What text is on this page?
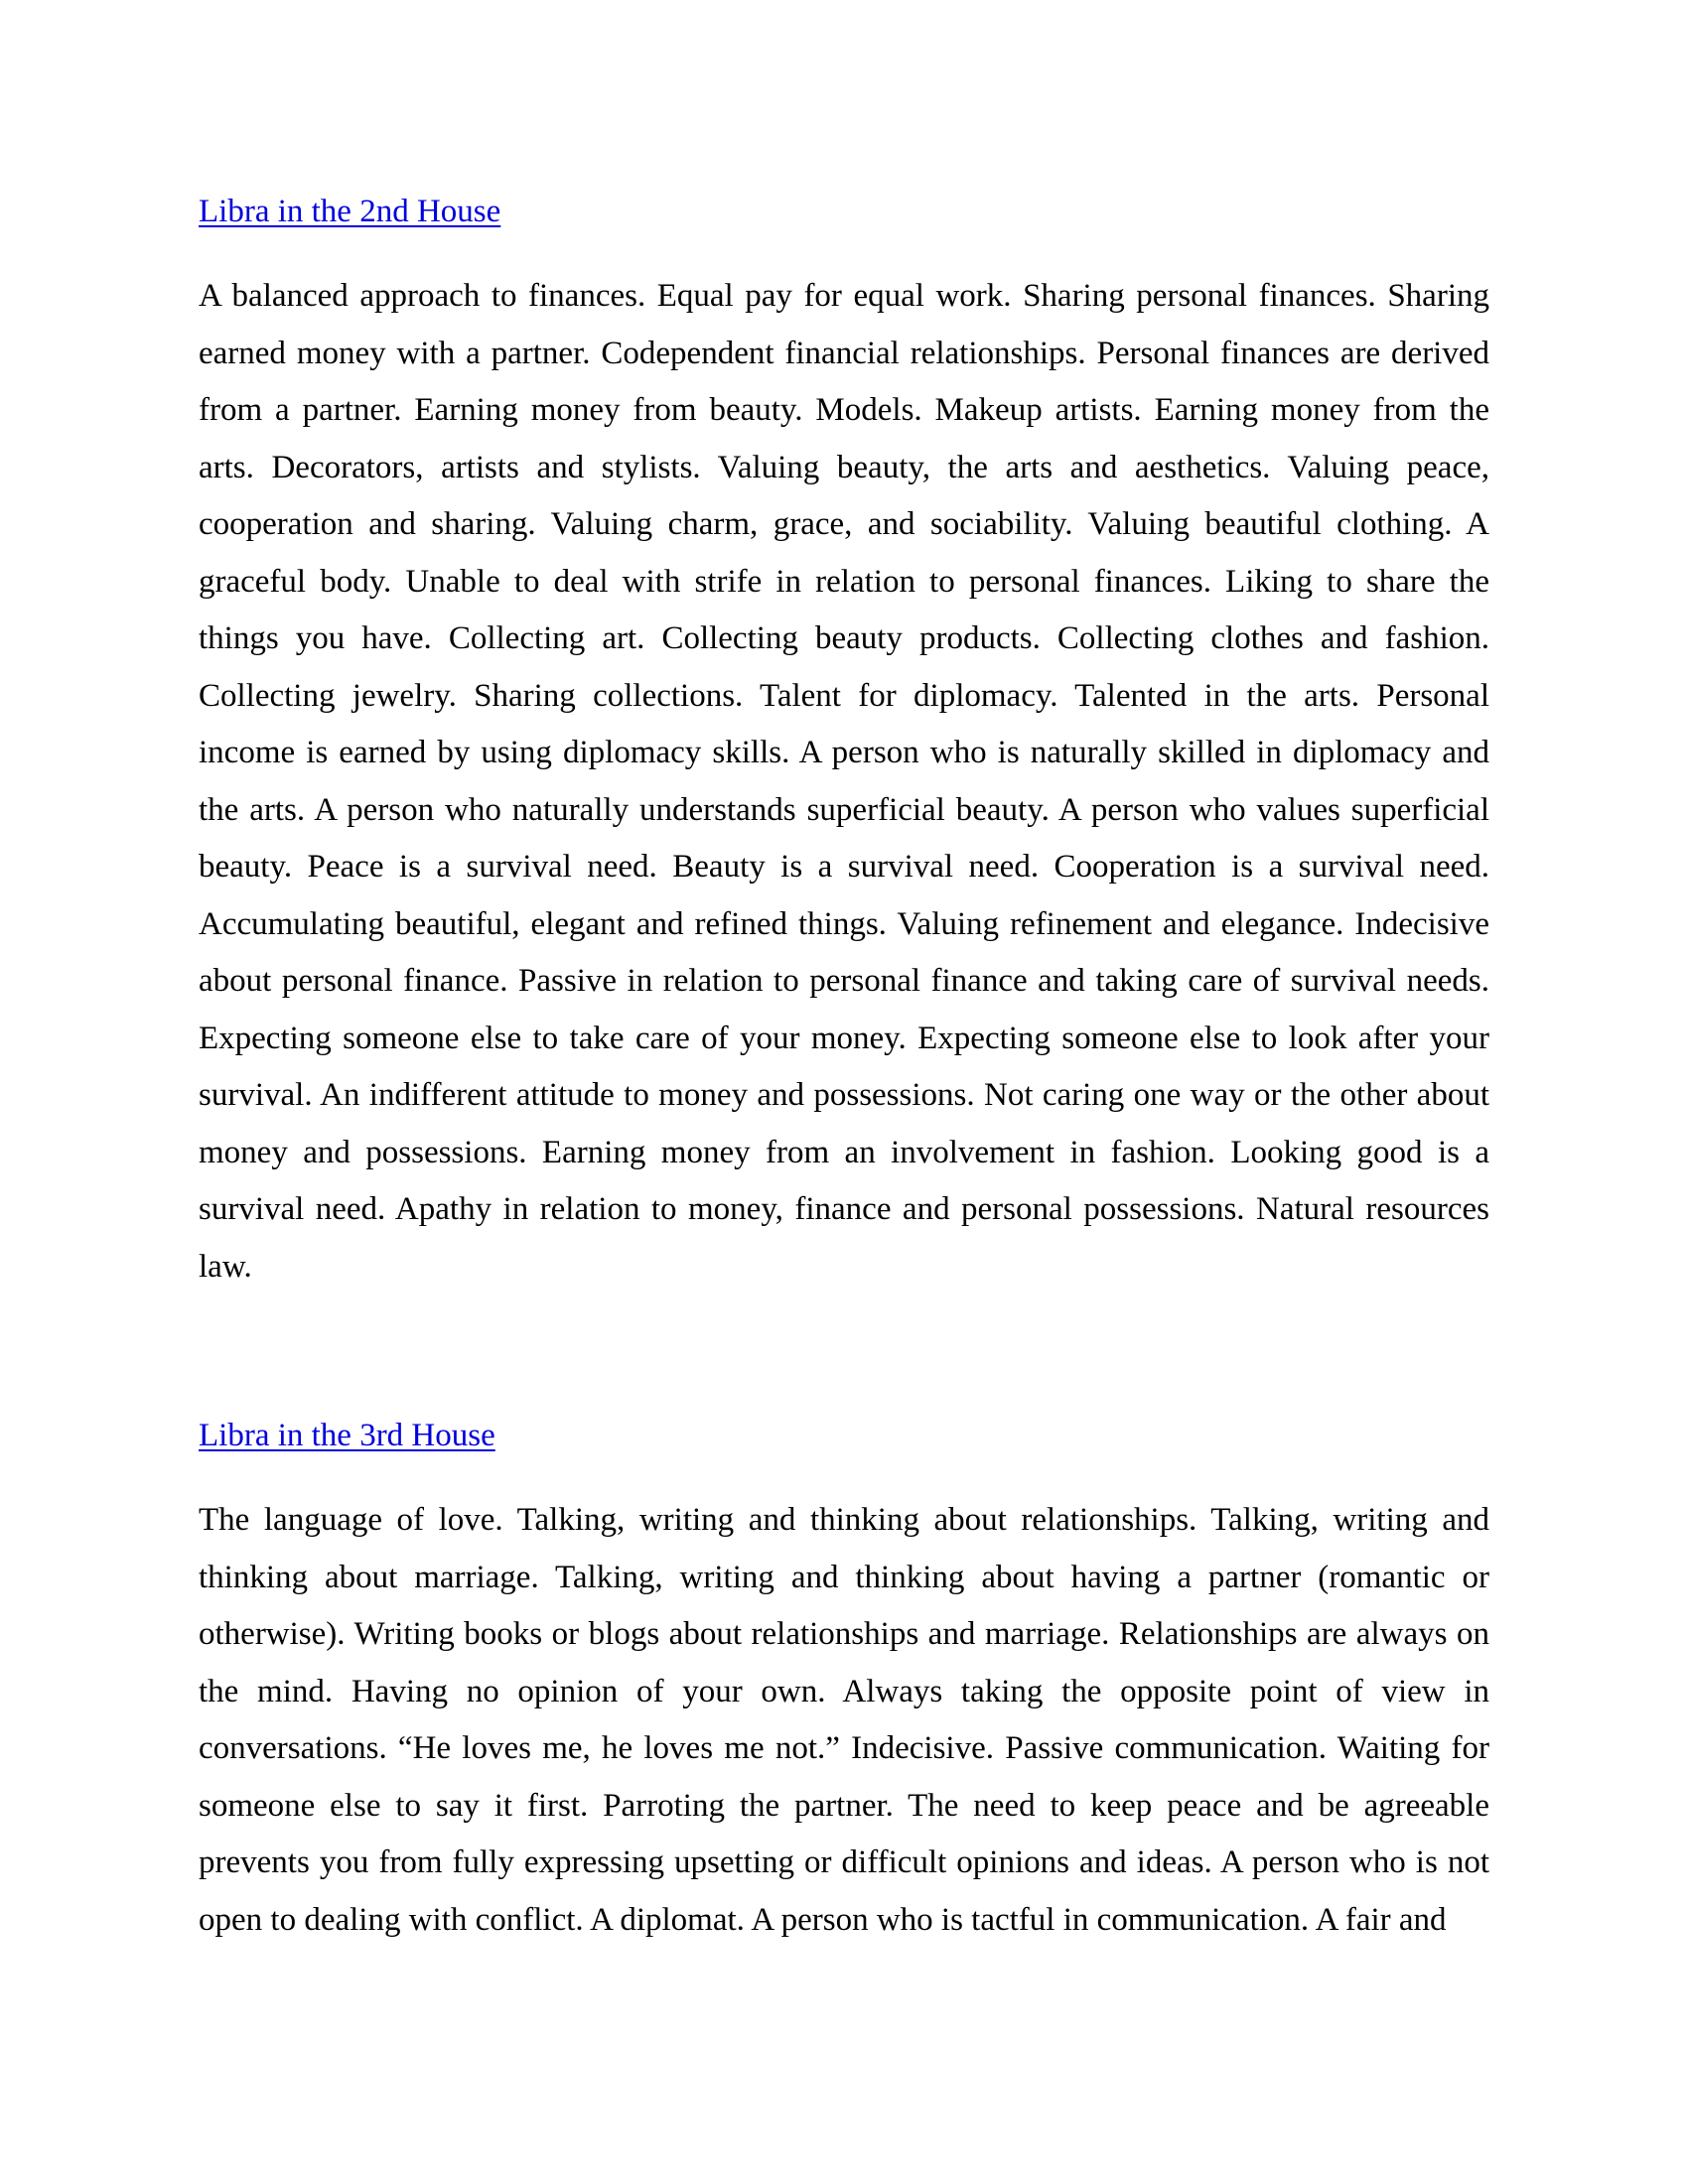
Libra in the 2nd House

A balanced approach to finances. Equal pay for equal work. Sharing personal finances. Sharing earned money with a partner. Codependent financial relationships. Personal finances are derived from a partner. Earning money from beauty. Models. Makeup artists. Earning money from the arts. Decorators, artists and stylists. Valuing beauty, the arts and aesthetics. Valuing peace, cooperation and sharing. Valuing charm, grace, and sociability. Valuing beautiful clothing. A graceful body. Unable to deal with strife in relation to personal finances. Liking to share the things you have. Collecting art. Collecting beauty products. Collecting clothes and fashion. Collecting jewelry. Sharing collections. Talent for diplomacy. Talented in the arts. Personal income is earned by using diplomacy skills. A person who is naturally skilled in diplomacy and the arts. A person who naturally understands superficial beauty. A person who values superficial beauty. Peace is a survival need. Beauty is a survival need. Cooperation is a survival need. Accumulating beautiful, elegant and refined things. Valuing refinement and elegance. Indecisive about personal finance. Passive in relation to personal finance and taking care of survival needs. Expecting someone else to take care of your money. Expecting someone else to look after your survival. An indifferent attitude to money and possessions. Not caring one way or the other about money and possessions. Earning money from an involvement in fashion. Looking good is a survival need. Apathy in relation to money, finance and personal possessions. Natural resources law.

Libra in the 3rd House

The language of love. Talking, writing and thinking about relationships. Talking, writing and thinking about marriage. Talking, writing and thinking about having a partner (romantic or otherwise). Writing books or blogs about relationships and marriage. Relationships are always on the mind. Having no opinion of your own. Always taking the opposite point of view in conversations. “He loves me, he loves me not.” Indecisive. Passive communication. Waiting for someone else to say it first. Parroting the partner. The need to keep peace and be agreeable prevents you from fully expressing upsetting or difficult opinions and ideas. A person who is not open to dealing with conflict. A diplomat. A person who is tactful in communication. A fair and
